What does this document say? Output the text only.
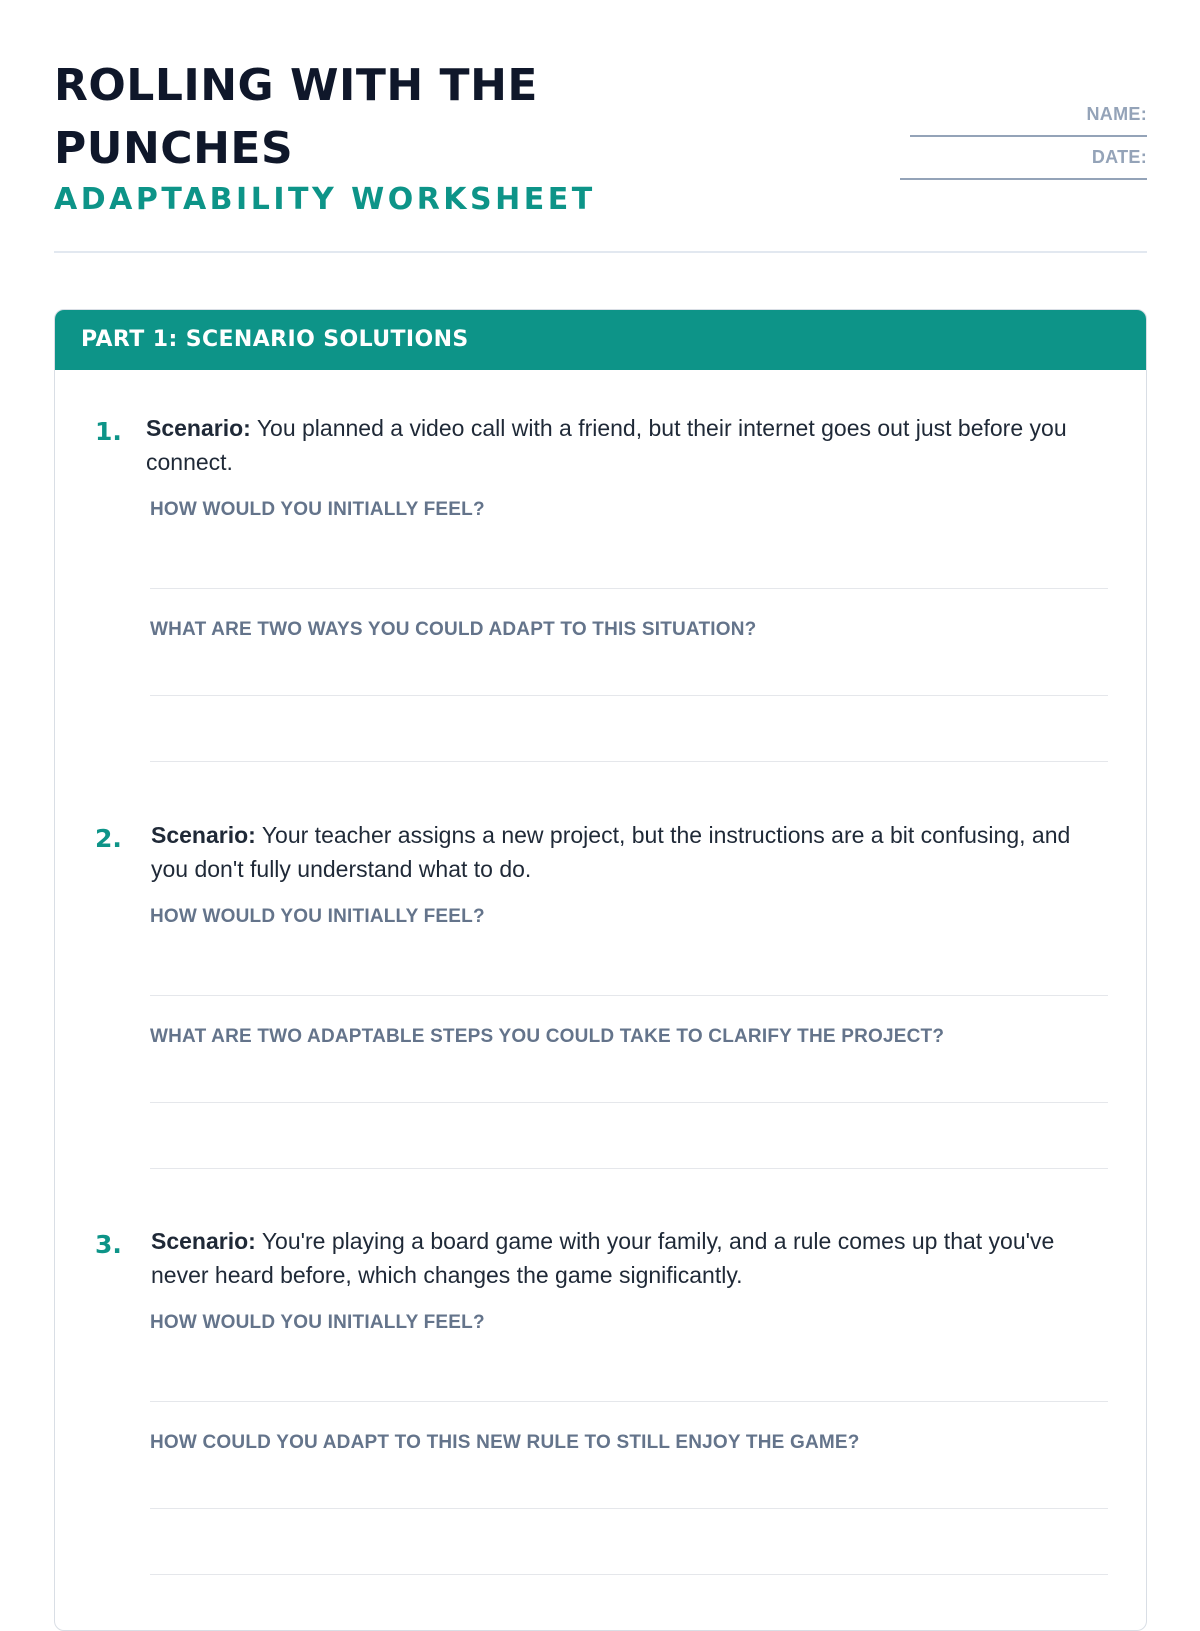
ROLLING WITH THE PUNCHES
ADAPTABILITY WORKSHEET
NAME:
DATE:
PART 1: SCENARIO SOLUTIONS
1. Scenario: You planned a video call with a friend, but their internet goes out just before you connect.
HOW WOULD YOU INITIALLY FEEL?
WHAT ARE TWO WAYS YOU COULD ADAPT TO THIS SITUATION?
2. Scenario: Your teacher assigns a new project, but the instructions are a bit confusing, and you don't fully understand what to do.
HOW WOULD YOU INITIALLY FEEL?
WHAT ARE TWO ADAPTABLE STEPS YOU COULD TAKE TO CLARIFY THE PROJECT?
3. Scenario: You're playing a board game with your family, and a rule comes up that you've never heard before, which changes the game significantly.
HOW WOULD YOU INITIALLY FEEL?
HOW COULD YOU ADAPT TO THIS NEW RULE TO STILL ENJOY THE GAME?
